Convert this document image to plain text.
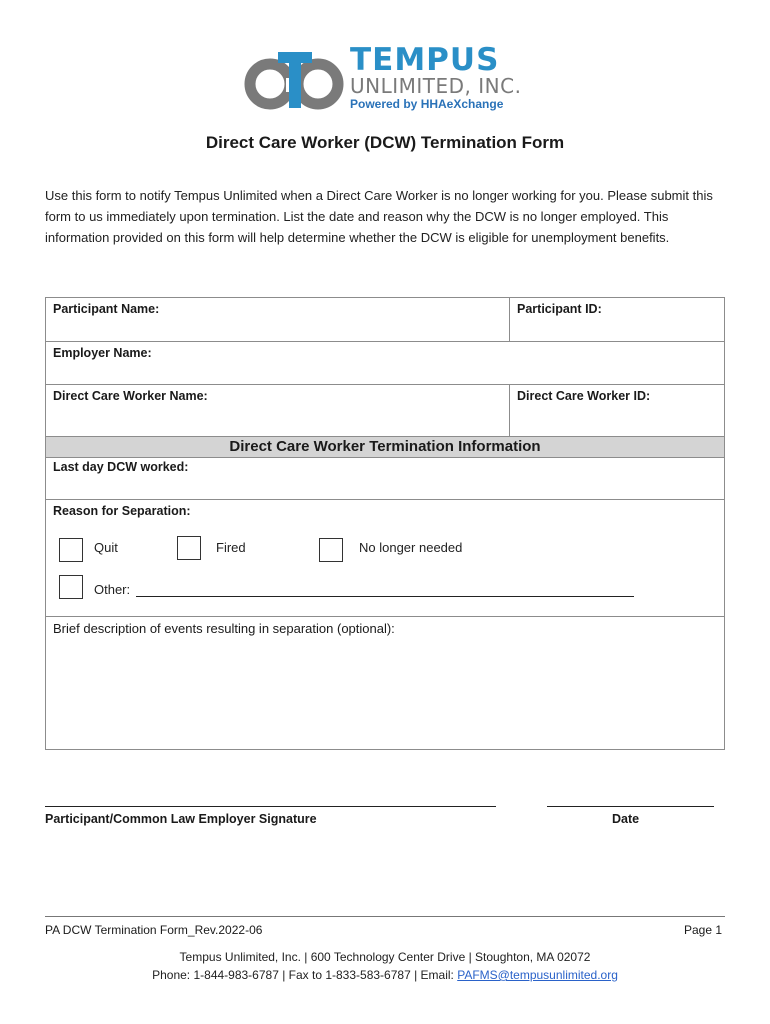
TEMPUS
UNLIMITED, INC.
Powered by HHAeXchange
Direct Care Worker (DCW) Termination Form
Use this form to notify Tempus Unlimited when a Direct Care Worker is no longer working for you. Please submit this form to us immediately upon termination. List the date and reason why the DCW is no longer employed. This information provided on this form will help determine whether the DCW is eligible for unemployment benefits.
Participant Name:	Participant ID:
Employer Name:
Direct Care Worker Name:	Direct Care Worker ID:
Direct Care Worker Termination Information
Last day DCW worked:
Reason for Separation:
Quit	Fired	No longer needed
Other:
Brief description of events resulting in separation (optional):
Participant/Common Law Employer Signature	Date
PA DCW Termination Form_Rev.2022-06	Page 1
Tempus Unlimited, Inc. | 600 Technology Center Drive | Stoughton, MA 02072
Phone: 1-844-983-6787 | Fax to 1-833-583-6787 | Email: PAFMS@tempusunlimited.org
